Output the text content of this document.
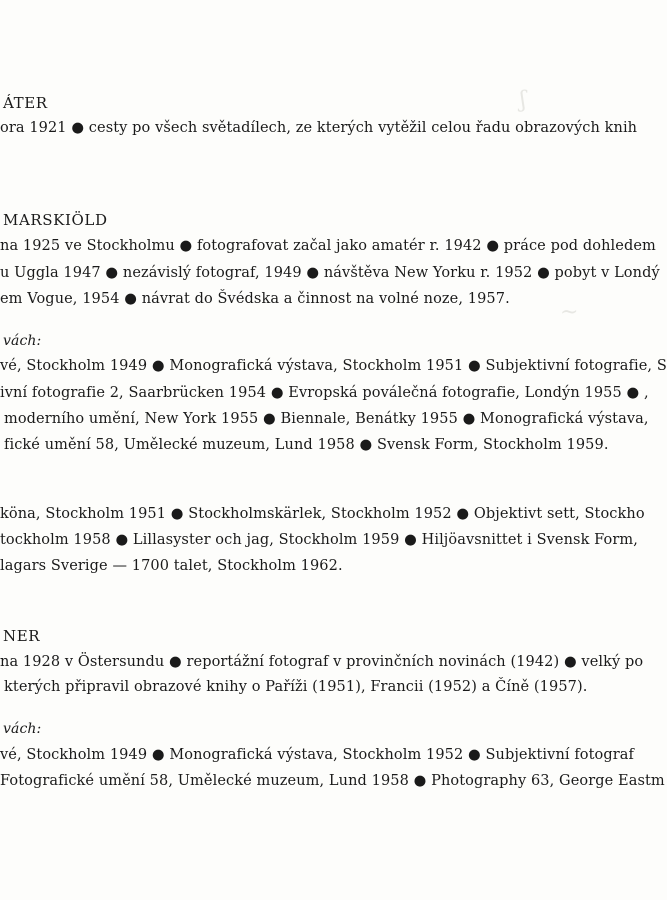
ʃ
~
ÁTER
ora 1921 ● cesty po všech světadílech, ze kterých vytěžil celou řadu obrazových knih
MARSKIÖLD
na 1925 ve Stockholmu ● fotografovat začal jako amatér r. 1942 ● práce pod dohledem
u Uggla 1947 ● nezávislý fotograf, 1949 ● návštěva New Yorku r. 1952 ● pobyt v Londý
em Vogue, 1954 ● návrat do Švédska a činnost na volné noze, 1957.
vách:
vé, Stockholm 1949 ● Monografická výstava, Stockholm 1951 ● Subjektivní fotografie, S
ivní fotografie 2, Saarbrücken 1954 ● Evropská poválečná fotografie, Londýn 1955 ● ,
moderního umění, New York 1955 ● Biennale, Benátky 1955 ● Monografická výstava,
fické umění 58, Umělecké muzeum, Lund 1958 ● Svensk Form, Stockholm 1959.
köna, Stockholm 1951 ● Stockholmskärlek, Stockholm 1952 ● Objektivt sett, Stockho
tockholm 1958 ● Lillasyster och jag, Stockholm 1959 ● Hiljöavsnittet i Svensk Form,
lagars Sverige — 1700 talet, Stockholm 1962.
NER
na 1928 v Östersundu ● reportážní fotograf v provinčních novinách (1942) ● velký po
kterých připravil obrazové knihy o Paříži (1951), Francii (1952) a Číně (1957).
vách:
vé, Stockholm 1949 ● Monografická výstava, Stockholm 1952 ● Subjektivní fotograf
Fotografické umění 58, Umělecké muzeum, Lund 1958 ● Photography 63, George Eastm
